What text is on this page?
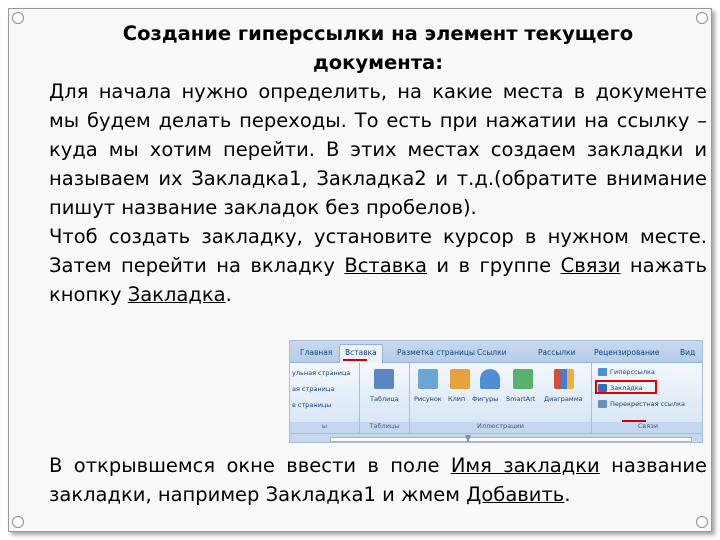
Создание гиперссылки на элемент текущего
документа:

Для начала нужно определить, на какие места в документе мы будем делать переходы. То есть при нажатии на ссылку – куда мы хотим перейти. В этих местах создаем закладки и называем их Закладка1, Закладка2 и т.д.(обратите внимание пишут название закладок без пробелов).

Чтоб создать закладку, установите курсор в нужном месте. Затем перейти на вкладку Вставка и в группе Связи нажать кнопку Закладка.

Главная	Вставка	Разметка страницы Ссылки	Рассылки Рецензирование	Вид
ульная страница
ая страница
в страницы
ы
Таблица
Таблицы
Рисунок Клип Фигуры SmartArt Диаграмма
Иллюстрации
Гиперссылка
Закладка
Перекрестная ссылка
Связи

В открывшемся окне ввести в поле Имя закладки название закладки, например Закладка1 и жмем Добавить.
